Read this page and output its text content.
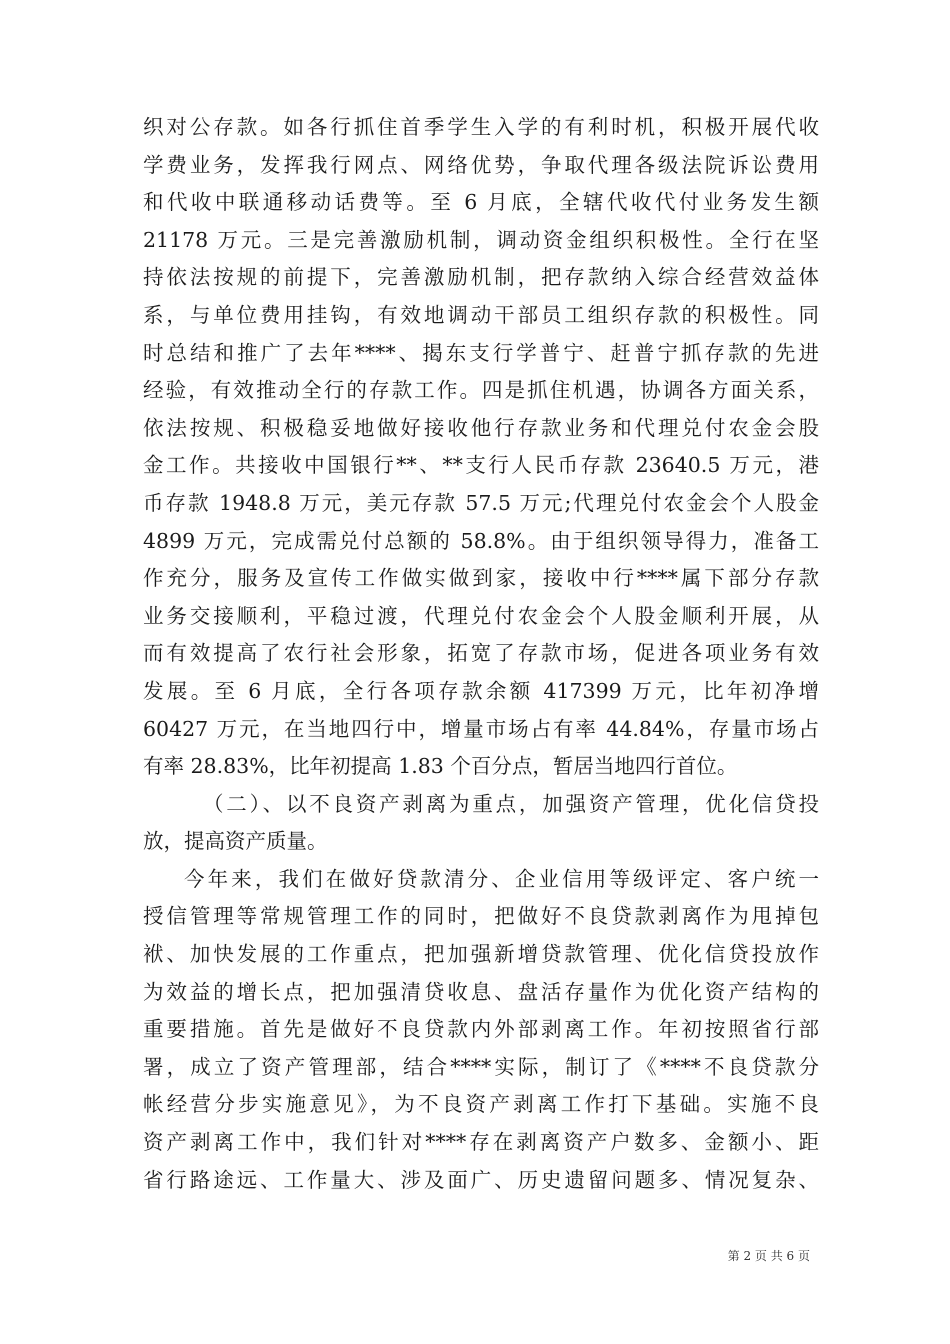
织对公存款。如各行抓住首季学生入学的有利时机，积极开展代收
学费业务，发挥我行网点、网络优势，争取代理各级法院诉讼费用
和代收中联通移动话费等。至 6 月底，全辖代收代付业务发生额
21178 万元。三是完善激励机制，调动资金组织积极性。全行在坚
持依法按规的前提下，完善激励机制，把存款纳入综合经营效益体
系，与单位费用挂钩，有效地调动干部员工组织存款的积极性。同
时总结和推广了去年****、揭东支行学普宁、赶普宁抓存款的先进
经验，有效推动全行的存款工作。四是抓住机遇，协调各方面关系，
依法按规、积极稳妥地做好接收他行存款业务和代理兑付农金会股
金工作。共接收中国银行**、**支行人民币存款 23640.5 万元，港
币存款 1948.8 万元，美元存款 57.5 万元;代理兑付农金会个人股金
4899 万元，完成需兑付总额的 58.8%。由于组织领导得力，准备工
作充分，服务及宣传工作做实做到家，接收中行****属下部分存款
业务交接顺利，平稳过渡，代理兑付农金会个人股金顺利开展，从
而有效提高了农行社会形象，拓宽了存款市场，促进各项业务有效
发展。至 6 月底，全行各项存款余额 417399 万元，比年初净增
60427 万元，在当地四行中，增量市场占有率 44.84%，存量市场占
有率 28.83%，比年初提高 1.83 个百分点，暂居当地四行首位。
（二）、以不良资产剥离为重点，加强资产管理，优化信贷投
放，提高资产质量。
今年来，我们在做好贷款清分、企业信用等级评定、客户统一
授信管理等常规管理工作的同时，把做好不良贷款剥离作为甩掉包
袱、加快发展的工作重点，把加强新增贷款管理、优化信贷投放作
为效益的增长点，把加强清贷收息、盘活存量作为优化资产结构的
重要措施。首先是做好不良贷款内外部剥离工作。年初按照省行部
署，成立了资产管理部，结合****实际，制订了《****不良贷款分
帐经营分步实施意见》，为不良资产剥离工作打下基础。实施不良
资产剥离工作中，我们针对****存在剥离资产户数多、金额小、距
省行路途远、工作量大、涉及面广、历史遗留问题多、情况复杂、
第 2 页 共 6 页
